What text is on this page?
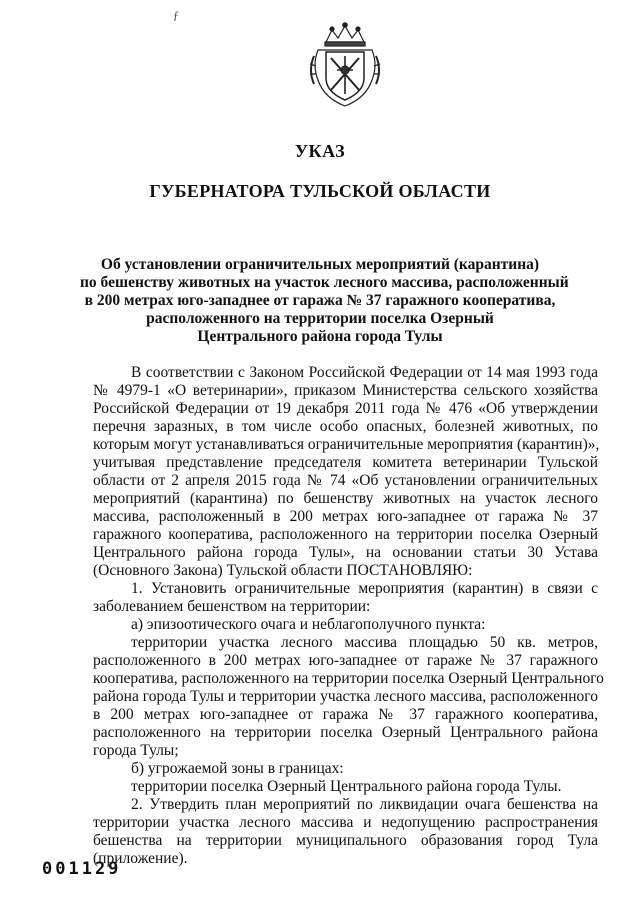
ƒ
УКАЗ
ГУБЕРНАТОРА ТУЛЬСКОЙ ОБЛАСТИ
Об установлении ограничительных мероприятий (карантина)
по бешенству животных на участок лесного массива, расположенный
в 200 метрах юго-западнее от гаража № 37 гаражного кооператива,
расположенного на территории поселка Озерный
Центрального района города Тулы
В соответствии с Законом Российской Федерации от 14 мая 1993 года
№ 4979-1 «О ветеринарии», приказом Министерства сельского хозяйства
Российской Федерации от 19 декабря 2011 года № 476 «Об утверждении
перечня заразных, в том числе особо опасных, болезней животных, по
которым могут устанавливаться ограничительные мероприятия (карантин)»,
учитывая представление председателя комитета ветеринарии Тульской
области от 2 апреля 2015 года № 74 «Об установлении ограничительных
мероприятий (карантина) по бешенству животных на участок лесного
массива, расположенный в 200 метрах юго-западнее от гаража № 37
гаражного кооператива, расположенного на территории поселка Озерный
Центрального района города Тулы», на основании статьи 30 Устава
(Основного Закона) Тульской области ПОСТАНОВЛЯЮ:
1. Установить ограничительные мероприятия (карантин) в связи с
заболеванием бешенством на территории:
а) эпизоотического очага и неблагополучного пункта:
территории участка лесного массива площадью 50 кв. метров,
расположенного в 200 метрах юго-западнее от гараже № 37 гаражного
кооператива, расположенного на территории поселка Озерный Центрального
района города Тулы и территории участка лесного массива, расположенного
в 200 метрах юго-западнее от гаража № 37 гаражного кооператива,
расположенного на территории поселка Озерный Центрального района
города Тулы;
б) угрожаемой зоны в границах:
территории поселка Озерный Центрального района города Тулы.
2. Утвердить план мероприятий по ликвидации очага бешенства на
территории участка лесного массива и недопущению распространения
бешенства на территории муниципального образования город Тула
(приложение).
001129
